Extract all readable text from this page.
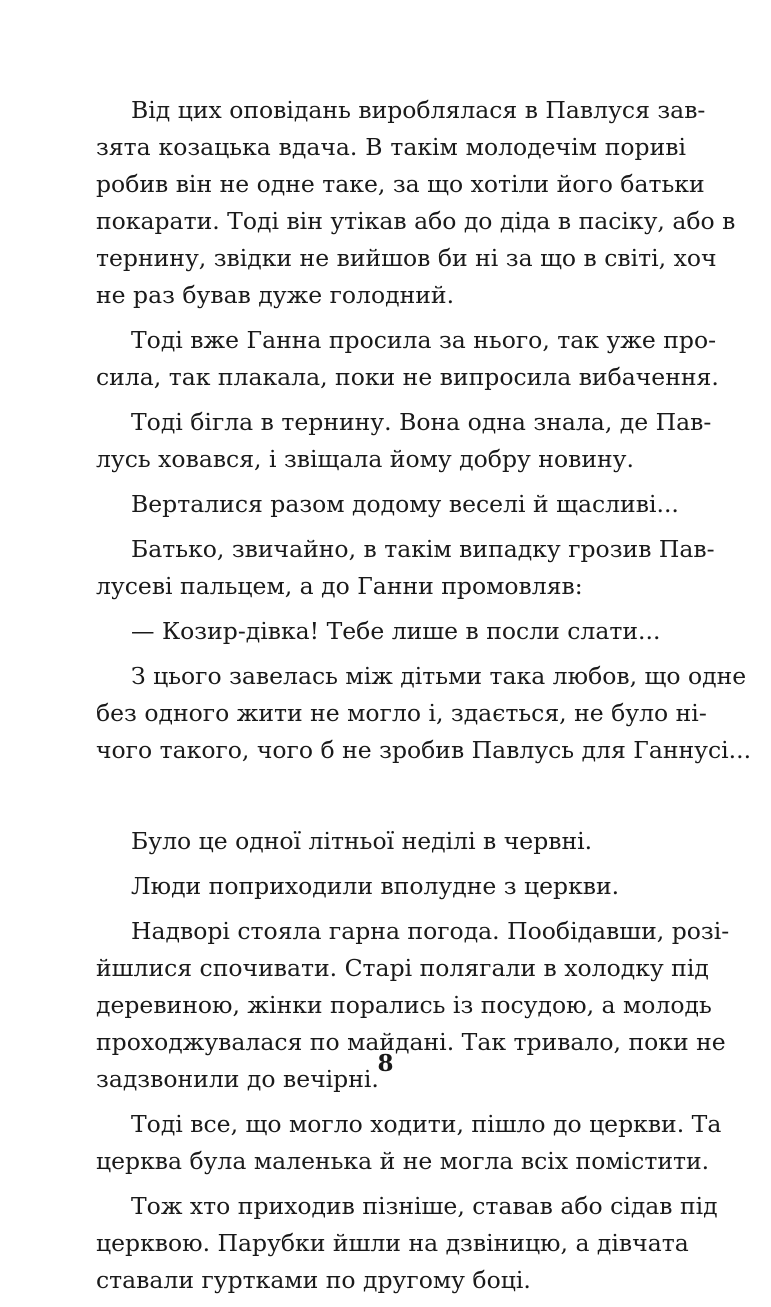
Від цих оповідань вироблялася в Павлуся зав-
зята козацька вдача. В такім молодечім пориві
робив він не одне таке, за що хотіли його батьки
покарати. Тоді він утікав або до діда в пасіку, або в
тернину, звідки не вийшов би ні за що в світі, хоч
не раз бував дуже голодний.
Тоді вже Ганна просила за нього, так уже про-
сила, так плакала, поки не випросила вибачення.
Тоді бігла в тернину. Вона одна знала, де Пав-
лусь ховався, і звіщала йому добру новину.
Верталися разом додому веселі й щасливі...
Батько, звичайно, в такім випадку грозив Пав-
лусеві пальцем, а до Ганни промовляв:
— Козир-дівка! Тебе лише в посли слати...
З цього завелась між дітьми така любов, що одне
без одного жити не могло і, здається, не було ні-
чого такого, чого б не зробив Павлусь для Ганнусі...
Було це одної літньої неділі в червні.
Люди поприходили вполудне з церкви.
Надворі стояла гарна погода. Пообідавши, розі-
йшлися спочивати. Старі полягали в холодку під
деревиною, жінки порались із посудою, а молодь
проходжувалася по майдані. Так тривало, поки не
задзвонили до вечірні.
Тоді все, що могло ходити, пішло до церкви. Та
церква була маленька й не могла всіх помістити.
Тож хто приходив пізніше, ставав або сідав під
церквою. Парубки йшли на дзвіницю, а дівчата
ставали гуртками по другому боці.
8
